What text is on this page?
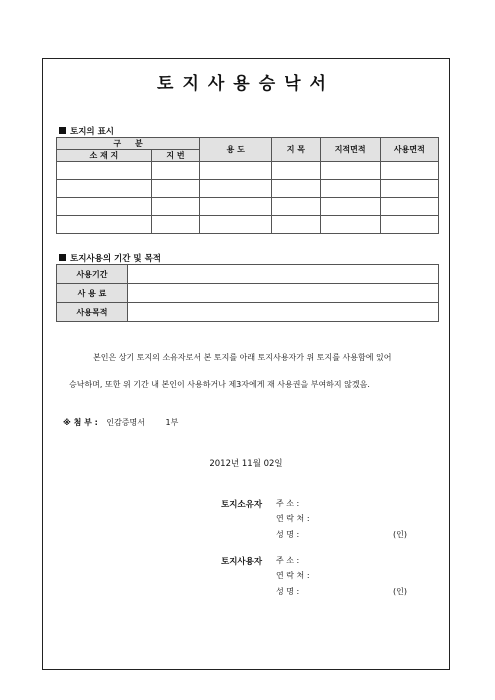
토지사용승낙서
토지의 표시
구     분		용 도	지 목	지적면적	사용면적
소 재 지	지 번				

토지사용의 기간 및 목적
사용기간	
사 용 료	
사용목적	
본인은 상기 토지의 소유자로서 본 토지를 아래 토지사용자가 위 토지를 사용함에 있어
승낙하며, 또한 위 기간 내 본인이 사용하거나 제3자에게 재 사용권을 부여하지 않겠음.
※ 첨 부 : 인감증명서	1부
2012년 11월 02일
토지소유자 주 소 :
연 락 처 :
성 명 :	(인)
토지사용자 주 소 :
연 락 처 :
성 명 :	(인)
